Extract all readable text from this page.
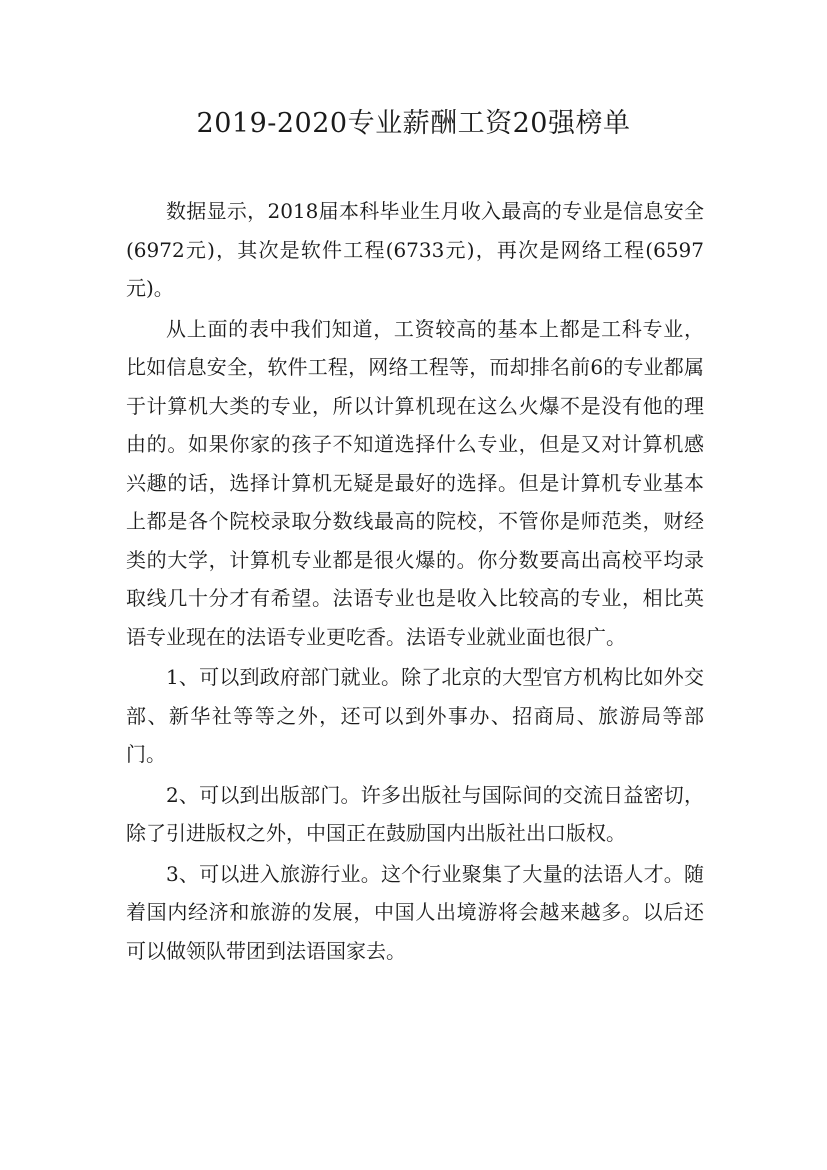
2019-2020专业薪酬工资20强榜单

数据显示，2018届本科毕业生月收入最高的专业是信息安全(6972元)，其次是软件工程(6733元)，再次是网络工程(6597元)。

从上面的表中我们知道，工资较高的基本上都是工科专业，比如信息安全，软件工程，网络工程等，而却排名前6的专业都属于计算机大类的专业，所以计算机现在这么火爆不是没有他的理由的。如果你家的孩子不知道选择什么专业，但是又对计算机感兴趣的话，选择计算机无疑是最好的选择。但是计算机专业基本上都是各个院校录取分数线最高的院校，不管你是师范类，财经类的大学，计算机专业都是很火爆的。你分数要高出高校平均录取线几十分才有希望。法语专业也是收入比较高的专业，相比英语专业现在的法语专业更吃香。法语专业就业面也很广。

1、可以到政府部门就业。除了北京的大型官方机构比如外交部、新华社等等之外，还可以到外事办、招商局、旅游局等部门。

2、可以到出版部门。许多出版社与国际间的交流日益密切，除了引进版权之外，中国正在鼓励国内出版社出口版权。

3、可以进入旅游行业。这个行业聚集了大量的法语人才。随着国内经济和旅游的发展，中国人出境游将会越来越多。以后还可以做领队带团到法语国家去。
